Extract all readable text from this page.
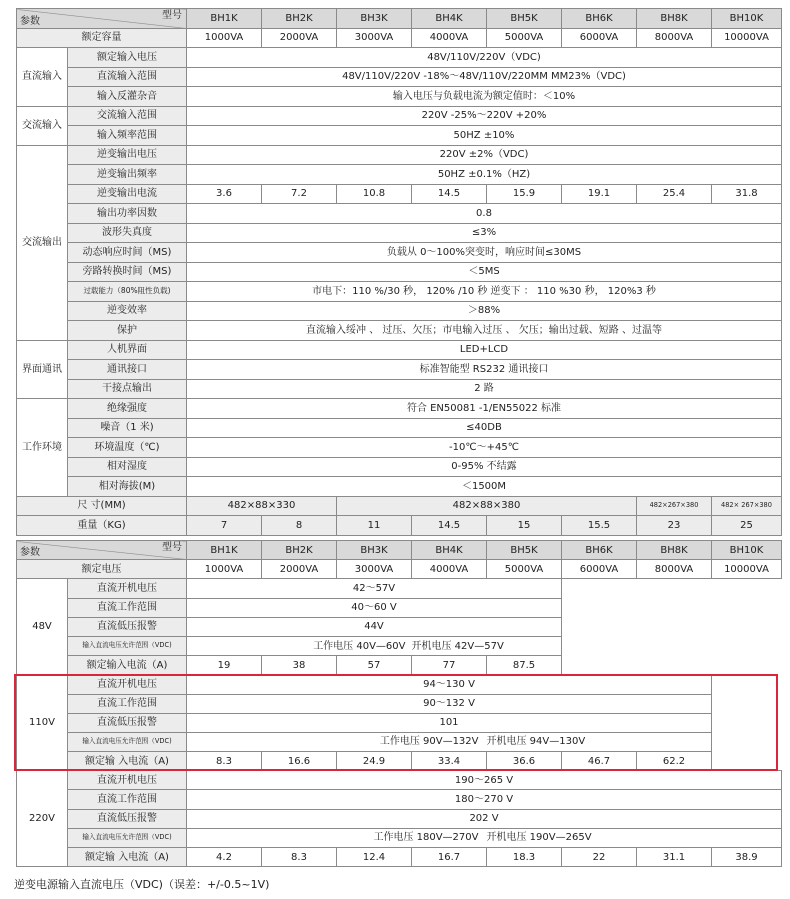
型号
参数		BH1K	BH2K	BH3K	BH4K	BH5K	BH6K	BH8K	BH10K
额定容量		1000VA	2000VA	3000VA	4000VA	5000VA	6000VA	8000VA	10000VA
直流输入	额定输入电压	48V/110V/220V（VDC)							
	直流输入范围	48V/110V/220V -18%～48V/110V/220MM MM23%（VDC)							
	输入反灌杂音	输入电压与负载电流为额定值时：＜10%							
交流输入	交流输入范围	220V -25%～220V +20%							
	输入频率范围	50HZ ±10%							
交流输出	逆变输出电压	220V ±2%（VDC)							
	逆变输出频率	50HZ ±0.1%（HZ)							
	逆变输出电流	3.6	7.2	10.8	14.5	15.9	19.1	25.4	31.8
	输出功率因数	0.8							
	波形失真度	≤3%							
	动态响应时间（MS)	负载从 0～100%突变时，响应时间≤30MS							
	旁路转换时间（MS)	＜5MS							
	过载能力（80%阻性负载)	市电下：110 %/30 秒， 120% /10 秒 逆变下 ： 110 %30 秒， 120%3 秒							
	逆变效率	＞88%							
	保护	直流输入绥冲 、 过压、欠压；市电输入过压 、 欠压；输出过载、短路 、过温等							
界面通讯	人机界面	LED+LCD							
	通讯接口	标准智能型 RS232 通讯接口							
	干接点输出	2 路							
工作环境	绝缘强度	符合 EN50081 -1/EN55022 标准							
	噪音（1 米)	≤40DB							
	环境温度（℃)	-10℃～+45℃							
	相对湿度	0-95% 不结露							
	相对海拔(M)	＜1500M							
尺 寸(MM)		482×88×330		482×88×380				482×267×380	482× 267×380
重量（KG)		7	8	11	14.5	15	15.5	23	25
型号
参数		BH1K	BH2K	BH3K	BH4K	BH5K	BH6K	BH8K	BH10K
额定电压		1000VA	2000VA	3000VA	4000VA	5000VA	6000VA	8000VA	10000VA
48V	直流开机电压	42～57V							
	直流工作范围	40～60 V							
	直流低压报警	44V							
	输入直流电压允许范围（VDC)	工作电压 40V—60V			开机电压 42V—57V				
	额定输入电流（A)	19	38	57	77	87.5			
110V	直流开机电压	94～130 V							
	直流工作范围	90～132 V							
	直流低压报警	101							
	输入直流电压允许范围（VDC)	工作电压 90V—132V				开机电压 94V—130V			
	额定输 入电流（A)	8.3	16.6	24.9	33.4	36.6	46.7	62.2	
220V	直流开机电压	190～265 V							
	直流工作范围	180～270 V							
	直流低压报警	202 V							
	输入直流电压允许范围（VDC)	工作电压 180V—270V				开机电压 190V—265V			
	额定输 入电流（A)	4.2	8.3	12.4	16.7	18.3	22	31.1	38.9
逆变电源输入直流电压（VDC)（误差：+/-0.5~1V)
